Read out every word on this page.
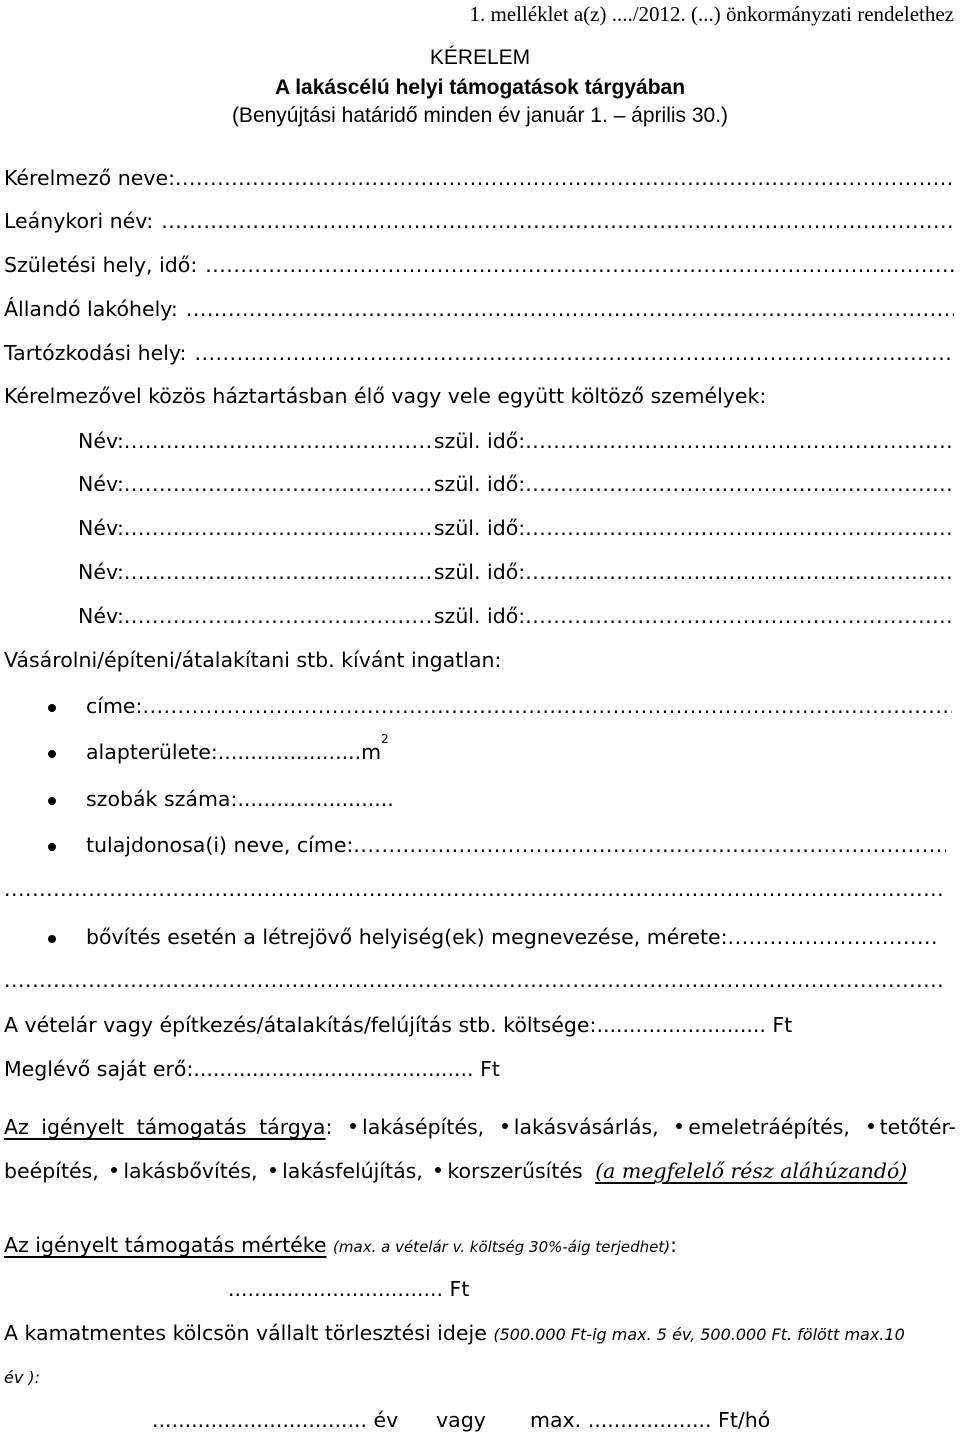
1. melléklet a(z) ..../2012. (...) önkormányzati rendelethez
KÉRELEM
A lakáscélú helyi támogatások tárgyában
(Benyújtási határidő minden év január 1. – április 30.)
Kérelmező neve:
.....
Leánykori név:
.....
Születési hely, idő:
.....
Állandó lakóhely:
.....
Tartózkodási hely:
.....
Kérelmezővel közös háztartásban élő vagy vele együtt költöző személyek:
Név: .....	szül. idő:
.....
Név: .....	szül. idő:
.....
Név: .....	szül. idő:
.....
Név: .....	szül. idő:
.....
Név: .....	szül. idő:
.....
Vásárolni/építeni/átalakítani stb. kívánt ingatlan:
címe:
.....
$alapterülete:......................m^2$
szobák száma:........................
tulajdonosa(i) neve, címe:
.....
.....
bővítés esetén a létrejövő helyiség(ek) megnevezése, mérete:
.....
.....
A vételár vagy építkezés/átalakítás/felújítás stb. költsége:.......................... Ft
Meglévő saját erő:........................................... Ft
Az igényelt támogatás tárgya:	lakásépítés,	lakásvásárlás,	emeletráépítés,	tetőtér-
beépítés, lakásbővítés, lakásfelújítás, korszerűsítés (a megfelelő rész aláhúzandó)
Az igényelt támogatás mértéke (max. a vételár v. költség 30%-áig terjedhet):
................................. Ft
A kamatmentes kölcsön vállalt törlesztési ideje (500.000 Ft-ig max. 5 év, 500.000 Ft. fölött max.10
év ):
................................. év vagy max. ................... Ft/hó
